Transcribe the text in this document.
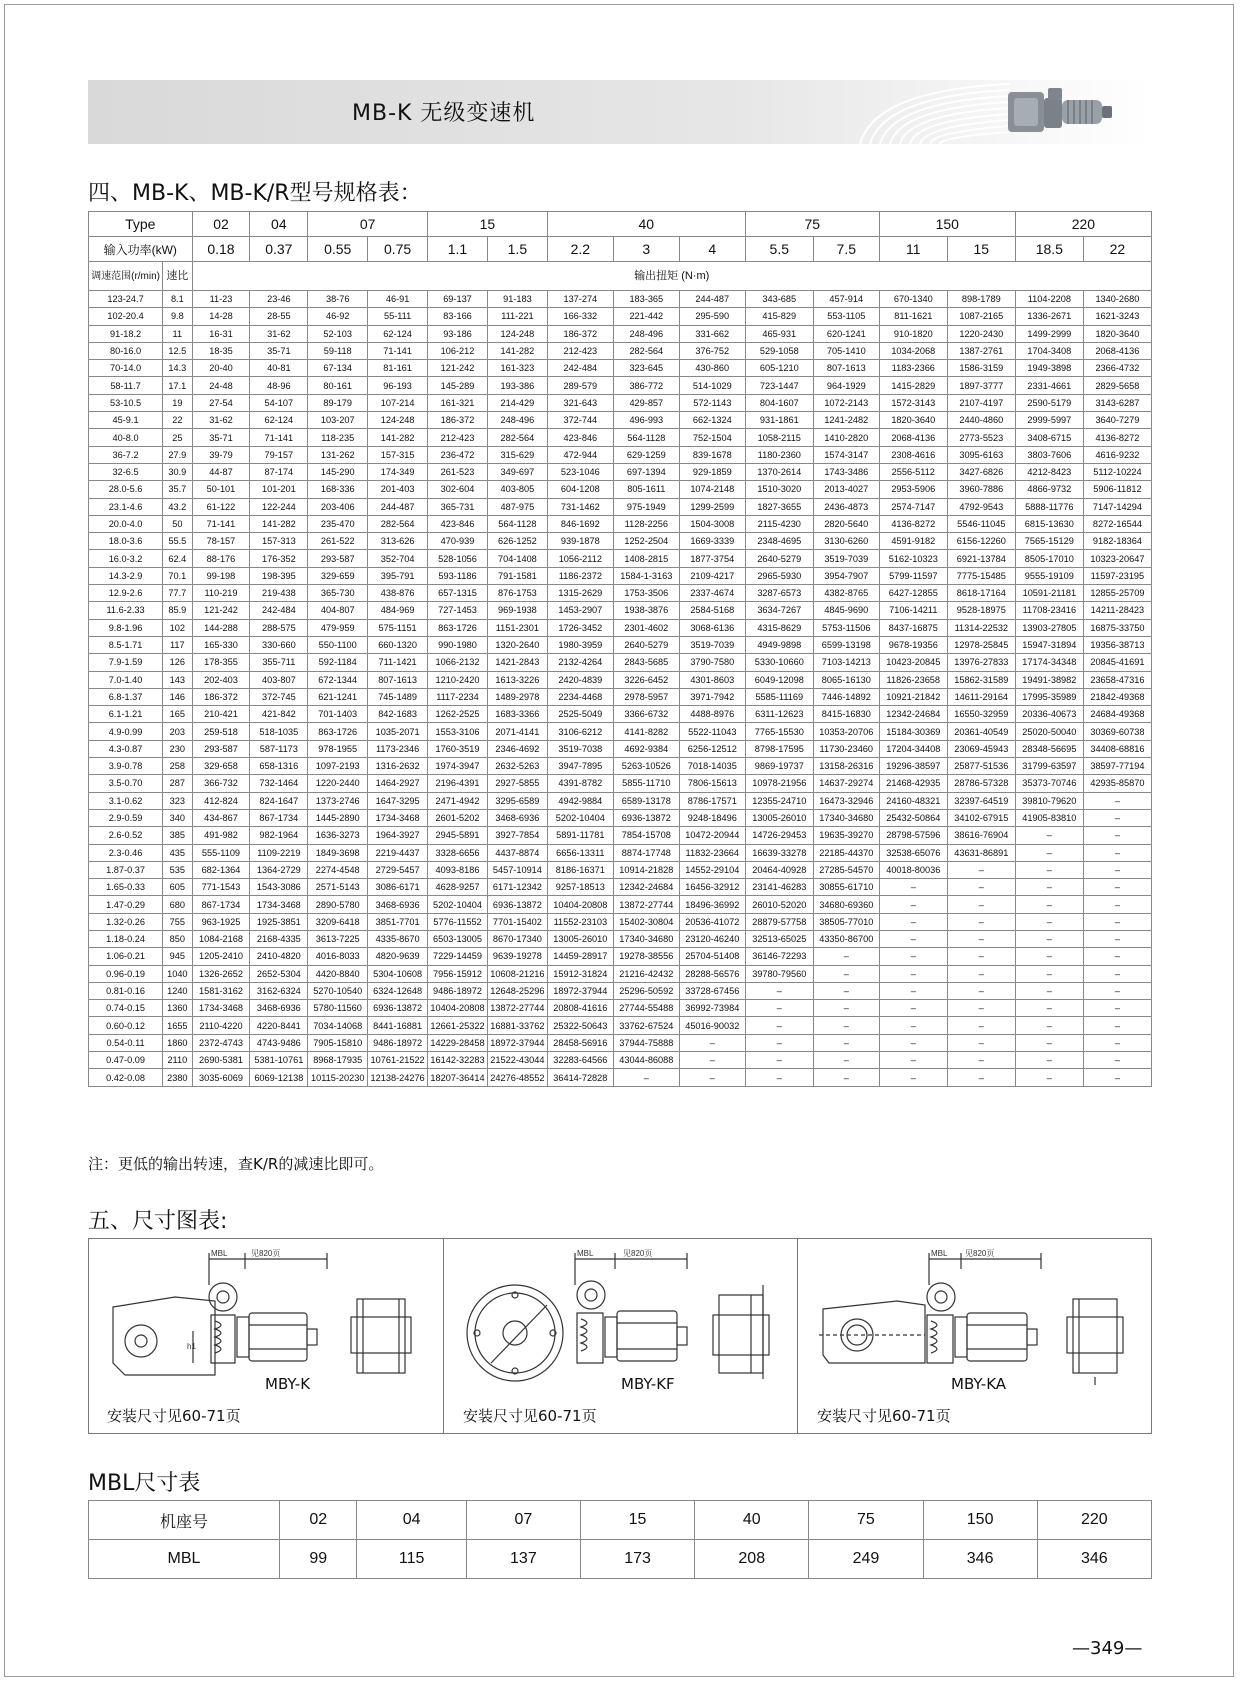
MB-K 无级变速机
四、MB-K、MB-K/R型号规格表：
Type		02	04	07		15		40			75		150		220	
输入功率(kW)		0.18	0.37	0.55	0.75	1.1	1.5	2.2	3	4	5.5	7.5	11	15	18.5	22
调速范围(r/min)	速比	输出扭矩 (N·m)														
123-24.7	8.1	11-23	23-46	38-76	46-91	69-137	91-183	137-274	183-365	244-487	343-685	457-914	670-1340	898-1789	1104-2208	1340-2680
102-20.4	9.8	14-28	28-55	46-92	55-111	83-166	111-221	166-332	221-442	295-590	415-829	553-1105	811-1621	1087-2165	1336-2671	1621-3243
91-18.2	11	16-31	31-62	52-103	62-124	93-186	124-248	186-372	248-496	331-662	465-931	620-1241	910-1820	1220-2430	1499-2999	1820-3640
80-16.0	12.5	18-35	35-71	59-118	71-141	106-212	141-282	212-423	282-564	376-752	529-1058	705-1410	1034-2068	1387-2761	1704-3408	2068-4136
70-14.0	14.3	20-40	40-81	67-134	81-161	121-242	161-323	242-484	323-645	430-860	605-1210	807-1613	1183-2366	1586-3159	1949-3898	2366-4732
58-11.7	17.1	24-48	48-96	80-161	96-193	145-289	193-386	289-579	386-772	514-1029	723-1447	964-1929	1415-2829	1897-3777	2331-4661	2829-5658
53-10.5	19	27-54	54-107	89-179	107-214	161-321	214-429	321-643	429-857	572-1143	804-1607	1072-2143	1572-3143	2107-4197	2590-5179	3143-6287
45-9.1	22	31-62	62-124	103-207	124-248	186-372	248-496	372-744	496-993	662-1324	931-1861	1241-2482	1820-3640	2440-4860	2999-5997	3640-7279
40-8.0	25	35-71	71-141	118-235	141-282	212-423	282-564	423-846	564-1128	752-1504	1058-2115	1410-2820	2068-4136	2773-5523	3408-6715	4136-8272
36-7.2	27.9	39-79	79-157	131-262	157-315	236-472	315-629	472-944	629-1259	839-1678	1180-2360	1574-3147	2308-4616	3095-6163	3803-7606	4616-9232
32-6.5	30.9	44-87	87-174	145-290	174-349	261-523	349-697	523-1046	697-1394	929-1859	1370-2614	1743-3486	2556-5112	3427-6826	4212-8423	5112-10224
28.0-5.6	35.7	50-101	101-201	168-336	201-403	302-604	403-805	604-1208	805-1611	1074-2148	1510-3020	2013-4027	2953-5906	3960-7886	4866-9732	5906-11812
23.1-4.6	43.2	61-122	122-244	203-406	244-487	365-731	487-975	731-1462	975-1949	1299-2599	1827-3655	2436-4873	2574-7147	4792-9543	5888-11776	7147-14294
20.0-4.0	50	71-141	141-282	235-470	282-564	423-846	564-1128	846-1692	1128-2256	1504-3008	2115-4230	2820-5640	4136-8272	5546-11045	6815-13630	8272-16544
18.0-3.6	55.5	78-157	157-313	261-522	313-626	470-939	626-1252	939-1878	1252-2504	1669-3339	2348-4695	3130-6260	4591-9182	6156-12260	7565-15129	9182-18364
16.0-3.2	62.4	88-176	176-352	293-587	352-704	528-1056	704-1408	1056-2112	1408-2815	1877-3754	2640-5279	3519-7039	5162-10323	6921-13784	8505-17010	10323-20647
14.3-2.9	70.1	99-198	198-395	329-659	395-791	593-1186	791-1581	1186-2372	1584-1-3163	2109-4217	2965-5930	3954-7907	5799-11597	7775-15485	9555-19109	11597-23195
12.9-2.6	77.7	110-219	219-438	365-730	438-876	657-1315	876-1753	1315-2629	1753-3506	2337-4674	3287-6573	4382-8765	6427-12855	8618-17164	10591-21181	12855-25709
11.6-2.33	85.9	121-242	242-484	404-807	484-969	727-1453	969-1938	1453-2907	1938-3876	2584-5168	3634-7267	4845-9690	7106-14211	9528-18975	11708-23416	14211-28423
9.8-1.96	102	144-288	288-575	479-959	575-1151	863-1726	1151-2301	1726-3452	2301-4602	3068-6136	4315-8629	5753-11506	8437-16875	11314-22532	13903-27805	16875-33750
8.5-1.71	117	165-330	330-660	550-1100	660-1320	990-1980	1320-2640	1980-3959	2640-5279	3519-7039	4949-9898	6599-13198	9678-19356	12978-25845	15947-31894	19356-38713
7.9-1.59	126	178-355	355-711	592-1184	711-1421	1066-2132	1421-2843	2132-4264	2843-5685	3790-7580	5330-10660	7103-14213	10423-20845	13976-27833	17174-34348	20845-41691
7.0-1.40	143	202-403	403-807	672-1344	807-1613	1210-2420	1613-3226	2420-4839	3226-6452	4301-8603	6049-12098	8065-16130	11826-23658	15862-31589	19491-38982	23658-47316
6.8-1.37	146	186-372	372-745	621-1241	745-1489	1117-2234	1489-2978	2234-4468	2978-5957	3971-7942	5585-11169	7446-14892	10921-21842	14611-29164	17995-35989	21842-49368
6.1-1.21	165	210-421	421-842	701-1403	842-1683	1262-2525	1683-3366	2525-5049	3366-6732	4488-8976	6311-12623	8415-16830	12342-24684	16550-32959	20336-40673	24684-49368
4.9-0.99	203	259-518	518-1035	863-1726	1035-2071	1553-3106	2071-4141	3106-6212	4141-8282	5522-11043	7765-15530	10353-20706	15184-30369	20361-40549	25020-50040	30369-60738
4.3-0.87	230	293-587	587-1173	978-1955	1173-2346	1760-3519	2346-4692	3519-7038	4692-9384	6256-12512	8798-17595	11730-23460	17204-34408	23069-45943	28348-56695	34408-68816
3.9-0.78	258	329-658	658-1316	1097-2193	1316-2632	1974-3947	2632-5263	3947-7895	5263-10526	7018-14035	9869-19737	13158-26316	19296-38597	25877-51536	31799-63597	38597-77194
3.5-0.70	287	366-732	732-1464	1220-2440	1464-2927	2196-4391	2927-5855	4391-8782	5855-11710	7806-15613	10978-21956	14637-29274	21468-42935	28786-57328	35373-70746	42935-85870
3.1-0.62	323	412-824	824-1647	1373-2746	1647-3295	2471-4942	3295-6589	4942-9884	6589-13178	8786-17571	12355-24710	16473-32946	24160-48321	32397-64519	39810-79620	–
2.9-0.59	340	434-867	867-1734	1445-2890	1734-3468	2601-5202	3468-6936	5202-10404	6936-13872	9248-18496	13005-26010	17340-34680	25432-50864	34102-67915	41905-83810	–
2.6-0.52	385	491-982	982-1964	1636-3273	1964-3927	2945-5891	3927-7854	5891-11781	7854-15708	10472-20944	14726-29453	19635-39270	28798-57596	38616-76904	–	–
2.3-0.46	435	555-1109	1109-2219	1849-3698	2219-4437	3328-6656	4437-8874	6656-13311	8874-17748	11832-23664	16639-33278	22185-44370	32538-65076	43631-86891	–	–
1.87-0.37	535	682-1364	1364-2729	2274-4548	2729-5457	4093-8186	5457-10914	8186-16371	10914-21828	14552-29104	20464-40928	27285-54570	40018-80036	–	–	–
1.65-0.33	605	771-1543	1543-3086	2571-5143	3086-6171	4628-9257	6171-12342	9257-18513	12342-24684	16456-32912	23141-46283	30855-61710	–	–	–	–
1.47-0.29	680	867-1734	1734-3468	2890-5780	3468-6936	5202-10404	6936-13872	10404-20808	13872-27744	18496-36992	26010-52020	34680-69360	–	–	–	–
1.32-0.26	755	963-1925	1925-3851	3209-6418	3851-7701	5776-11552	7701-15402	11552-23103	15402-30804	20536-41072	28879-57758	38505-77010	–	–	–	–
1.18-0.24	850	1084-2168	2168-4335	3613-7225	4335-8670	6503-13005	8670-17340	13005-26010	17340-34680	23120-46240	32513-65025	43350-86700	–	–	–	–
1.06-0.21	945	1205-2410	2410-4820	4016-8033	4820-9639	7229-14459	9639-19278	14459-28917	19278-38556	25704-51408	36146-72293	–	–	–	–	–
0.96-0.19	1040	1326-2652	2652-5304	4420-8840	5304-10608	7956-15912	10608-21216	15912-31824	21216-42432	28288-56576	39780-79560	–	–	–	–	–
0.81-0.16	1240	1581-3162	3162-6324	5270-10540	6324-12648	9486-18972	12648-25296	18972-37944	25296-50592	33728-67456	–	–	–	–	–	–
0.74-0.15	1360	1734-3468	3468-6936	5780-11560	6936-13872	10404-20808	13872-27744	20808-41616	27744-55488	36992-73984	–	–	–	–	–	–
0.60-0.12	1655	2110-4220	4220-8441	7034-14068	8441-16881	12661-25322	16881-33762	25322-50643	33762-67524	45016-90032	–	–	–	–	–	–
0.54-0.11	1860	2372-4743	4743-9486	7905-15810	9486-18972	14229-28458	18972-37944	28458-56916	37944-75888	–	–	–	–	–	–	–
0.47-0.09	2110	2690-5381	5381-10761	8968-17935	10761-21522	16142-32283	21522-43044	32283-64566	43044-86088	–	–	–	–	–	–	–
0.42-0.08	2380	3035-6069	6069-12138	10115-20230	12138-24276	18207-36414	24276-48552	36414-72828	–	–	–	–	–	–	–	–
注：更低的输出转速，查K/R的减速比即可。
五、尺寸图表:
MBL	见820页
h1
MBY-K
安装尺寸见60-71页
MBL	见820页
MBY-KF
安装尺寸见60-71页
MBL 见820页
MBY-KA
安装尺寸见60-71页
MBL尺寸表
机座号	02	04	07	15	40	75	150	220
MBL	99	115	137	173	208	249	346	346
—349—
